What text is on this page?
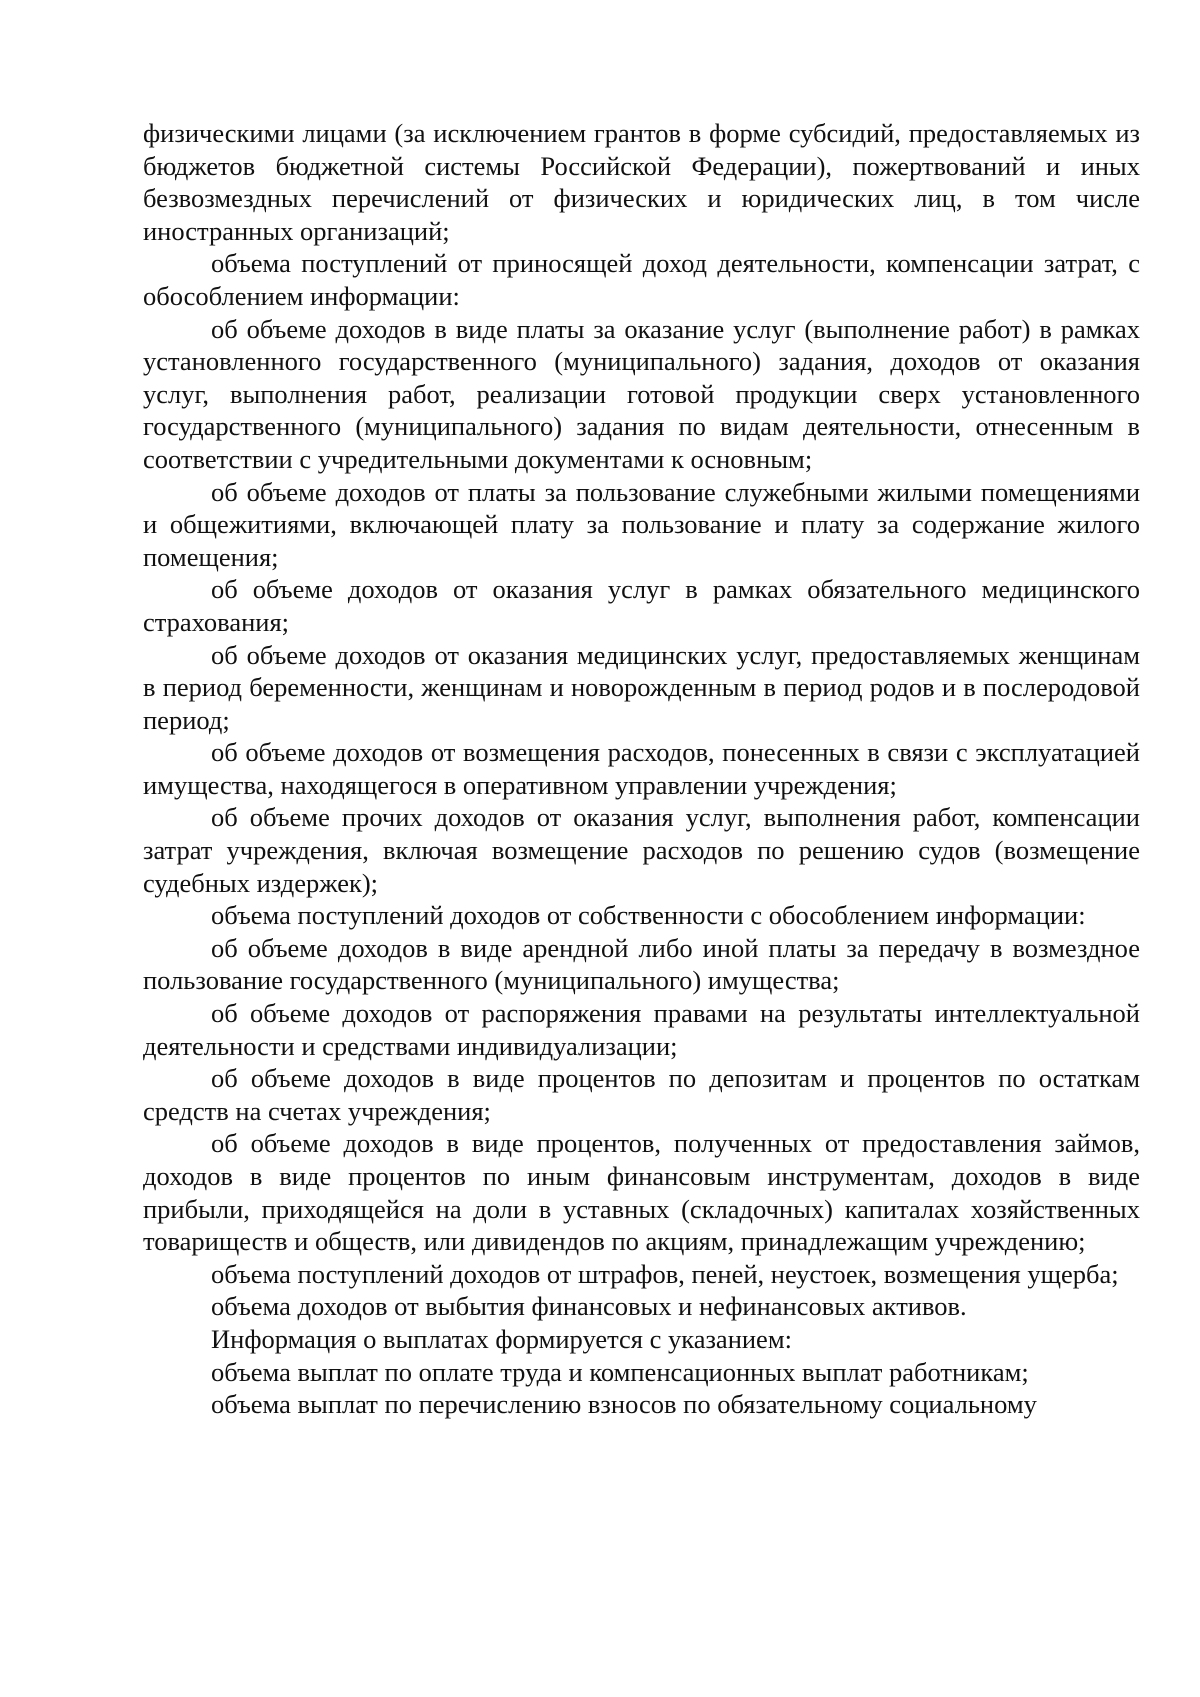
физическими лицами (за исключением грантов в форме субсидий, предоставляемых из бюджетов бюджетной системы Российской Федерации), пожертвований и иных безвозмездных перечислений от физических и юридических лиц, в том числе иностранных организаций;

объема поступлений от приносящей доход деятельности, компенсации затрат, с обособлением информации:

об объеме доходов в виде платы за оказание услуг (выполнение работ) в рамках установленного государственного (муниципального) задания, доходов от оказания услуг, выполнения работ, реализации готовой продукции сверх установленного государственного (муниципального) задания по видам деятельности, отнесенным в соответствии с учредительными документами к основным;

об объеме доходов от платы за пользование служебными жилыми помещениями и общежитиями, включающей плату за пользование и плату за содержание жилого помещения;

об объеме доходов от оказания услуг в рамках обязательного медицинского страхования;

об объеме доходов от оказания медицинских услуг, предоставляемых женщинам в период беременности, женщинам и новорожденным в период родов и в послеродовой период;

об объеме доходов от возмещения расходов, понесенных в связи с эксплуатацией имущества, находящегося в оперативном управлении учреждения;

об объеме прочих доходов от оказания услуг, выполнения работ, компенсации затрат учреждения, включая возмещение расходов по решению судов (возмещение судебных издержек);

объема поступлений доходов от собственности с обособлением информации:

об объеме доходов в виде арендной либо иной платы за передачу в возмездное пользование государственного (муниципального) имущества;

об объеме доходов от распоряжения правами на результаты интеллектуальной деятельности и средствами индивидуализации;

об объеме доходов в виде процентов по депозитам и процентов по остаткам средств на счетах учреждения;

об объеме доходов в виде процентов, полученных от предоставления займов, доходов в виде процентов по иным финансовым инструментам, доходов в виде прибыли, приходящейся на доли в уставных (складочных) капиталах хозяйственных товариществ и обществ, или дивидендов по акциям, принадлежащим учреждению;

объема поступлений доходов от штрафов, пеней, неустоек, возмещения ущерба;

объема доходов от выбытия финансовых и нефинансовых активов.

Информация о выплатах формируется с указанием:

объема выплат по оплате труда и компенсационных выплат работникам;

объема выплат по перечислению взносов по обязательному социальному
